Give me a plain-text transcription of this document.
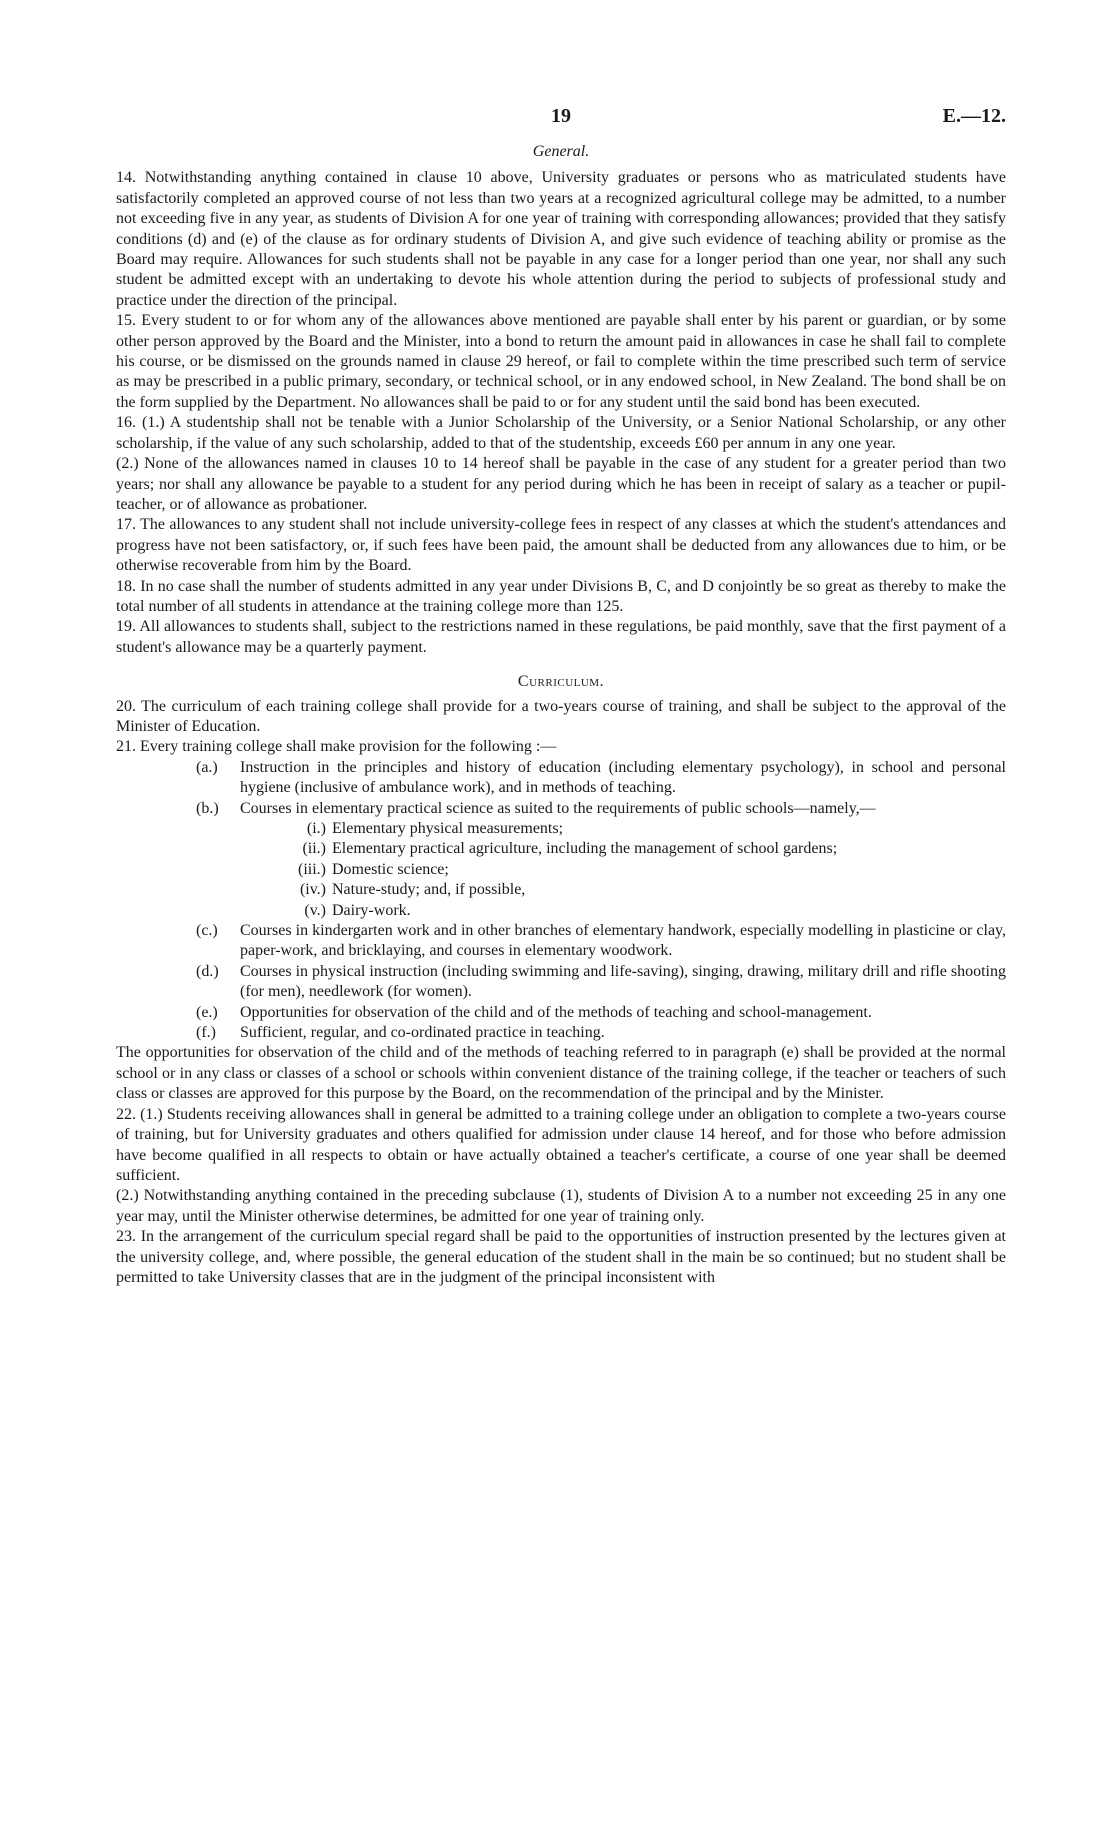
19	E.—12.
General.

14. Notwithstanding anything contained in clause 10 above, University graduates or persons who as matriculated students have satisfactorily completed an approved course of not less than two years at a recognized agricultural college may be admitted, to a number not exceeding five in any year, as students of Division A for one year of training with corresponding allowances; provided that they satisfy conditions (d) and (e) of the clause as for ordinary students of Division A, and give such evidence of teaching ability or promise as the Board may require. Allowances for such students shall not be payable in any case for a longer period than one year, nor shall any such student be admitted except with an undertaking to devote his whole attention during the period to subjects of professional study and practice under the direction of the principal.

15. Every student to or for whom any of the allowances above mentioned are payable shall enter by his parent or guardian, or by some other person approved by the Board and the Minister, into a bond to return the amount paid in allowances in case he shall fail to complete his course, or be dismissed on the grounds named in clause 29 hereof, or fail to complete within the time prescribed such term of service as may be prescribed in a public primary, secondary, or technical school, or in any endowed school, in New Zealand. The bond shall be on the form supplied by the Department. No allowances shall be paid to or for any student until the said bond has been executed.

16. (1.) A studentship shall not be tenable with a Junior Scholarship of the University, or a Senior National Scholarship, or any other scholarship, if the value of any such scholarship, added to that of the studentship, exceeds £60 per annum in any one year.

(2.) None of the allowances named in clauses 10 to 14 hereof shall be payable in the case of any student for a greater period than two years; nor shall any allowance be payable to a student for any period during which he has been in receipt of salary as a teacher or pupil-teacher, or of allowance as probationer.

17. The allowances to any student shall not include university-college fees in respect of any classes at which the student's attendances and progress have not been satisfactory, or, if such fees have been paid, the amount shall be deducted from any allowances due to him, or be otherwise recoverable from him by the Board.

18. In no case shall the number of students admitted in any year under Divisions B, C, and D conjointly be so great as thereby to make the total number of all students in attendance at the training college more than 125.

19. All allowances to students shall, subject to the restrictions named in these regulations, be paid monthly, save that the first payment of a student's allowance may be a quarterly payment.

Curriculum.

20. The curriculum of each training college shall provide for a two-years course of training, and shall be subject to the approval of the Minister of Education.

21. Every training college shall make provision for the following :—

(a.)	Instruction in the principles and history of education (including elementary psychology), in school and personal hygiene (inclusive of ambulance work), and in methods of teaching.
(b.)	Courses in elementary practical science as suited to the requirements of public schools—namely,—
(i.) Elementary physical measurements;
(ii.) Elementary practical agriculture, including the management of school gardens;
(iii.) Domestic science;
(iv.) Nature-study; and, if possible,
(v.) Dairy-work.
(c.)	Courses in kindergarten work and in other branches of elementary handwork, especially modelling in plasticine or clay, paper-work, and bricklaying, and courses in elementary woodwork.
(d.)	Courses in physical instruction (including swimming and life-saving), singing, drawing, military drill and rifle shooting (for men), needlework (for women).
(e.)	Opportunities for observation of the child and of the methods of teaching and school-management.
(f.)	Sufficient, regular, and co-ordinated practice in teaching.

The opportunities for observation of the child and of the methods of teaching referred to in paragraph (e) shall be provided at the normal school or in any class or classes of a school or schools within convenient distance of the training college, if the teacher or teachers of such class or classes are approved for this purpose by the Board, on the recommendation of the principal and by the Minister.

22. (1.) Students receiving allowances shall in general be admitted to a training college under an obligation to complete a two-years course of training, but for University graduates and others qualified for admission under clause 14 hereof, and for those who before admission have become qualified in all respects to obtain or have actually obtained a teacher's certificate, a course of one year shall be deemed sufficient.

(2.) Notwithstanding anything contained in the preceding subclause (1), students of Division A to a number not exceeding 25 in any one year may, until the Minister otherwise determines, be admitted for one year of training only.

23. In the arrangement of the curriculum special regard shall be paid to the opportunities of instruction presented by the lectures given at the university college, and, where possible, the general education of the student shall in the main be so continued; but no student shall be permitted to take University classes that are in the judgment of the principal inconsistent with
